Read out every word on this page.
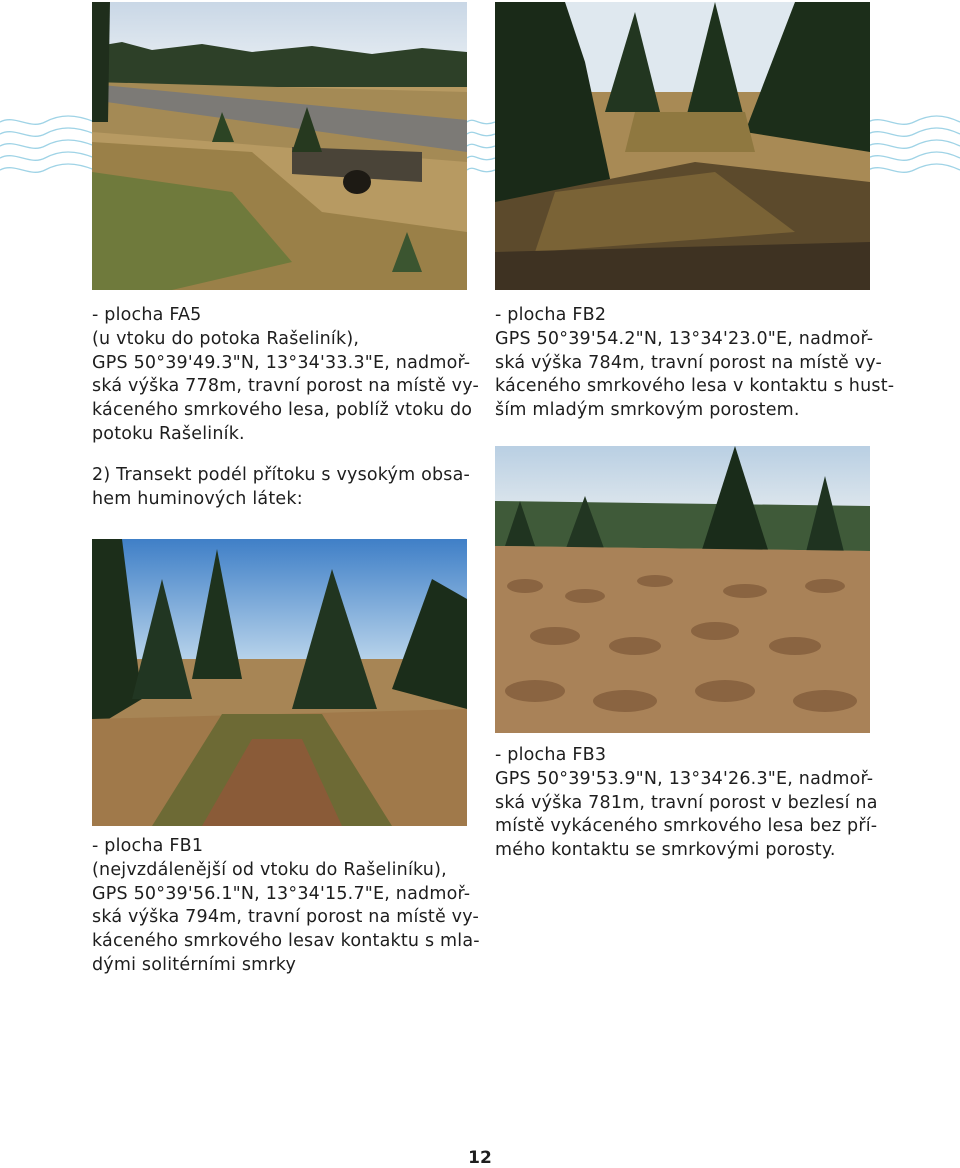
- plocha FA5
(u vtoku do potoka Rašeliník),
GPS 50°39'49.3"N, 13°34'33.3"E, nadmoř-
ská výška 778m, travní porost na místě vy-
káceného smrkového lesa, poblíž vtoku do
potoku Rašeliník.
- plocha FB2
GPS 50°39'54.2"N, 13°34'23.0"E, nadmoř-
ská výška 784m, travní porost na místě vy-
káceného smrkového lesa v kontaktu s hust-
ším mladým smrkovým porostem.
2) Transekt podél přítoku s vysokým obsa-
hem huminových látek:
- plocha FB3
GPS 50°39'53.9"N, 13°34'26.3"E, nadmoř-
ská výška 781m, travní porost v bezlesí na
místě vykáceného smrkového lesa bez pří-
mého kontaktu se smrkovými porosty.
- plocha FB1
(nejvzdálenější od vtoku do Rašeliníku),
GPS 50°39'56.1"N, 13°34'15.7"E, nadmoř-
ská výška 794m, travní porost na místě vy-
káceného smrkového lesav kontaktu s mla-
dými solitérními smrky
12
